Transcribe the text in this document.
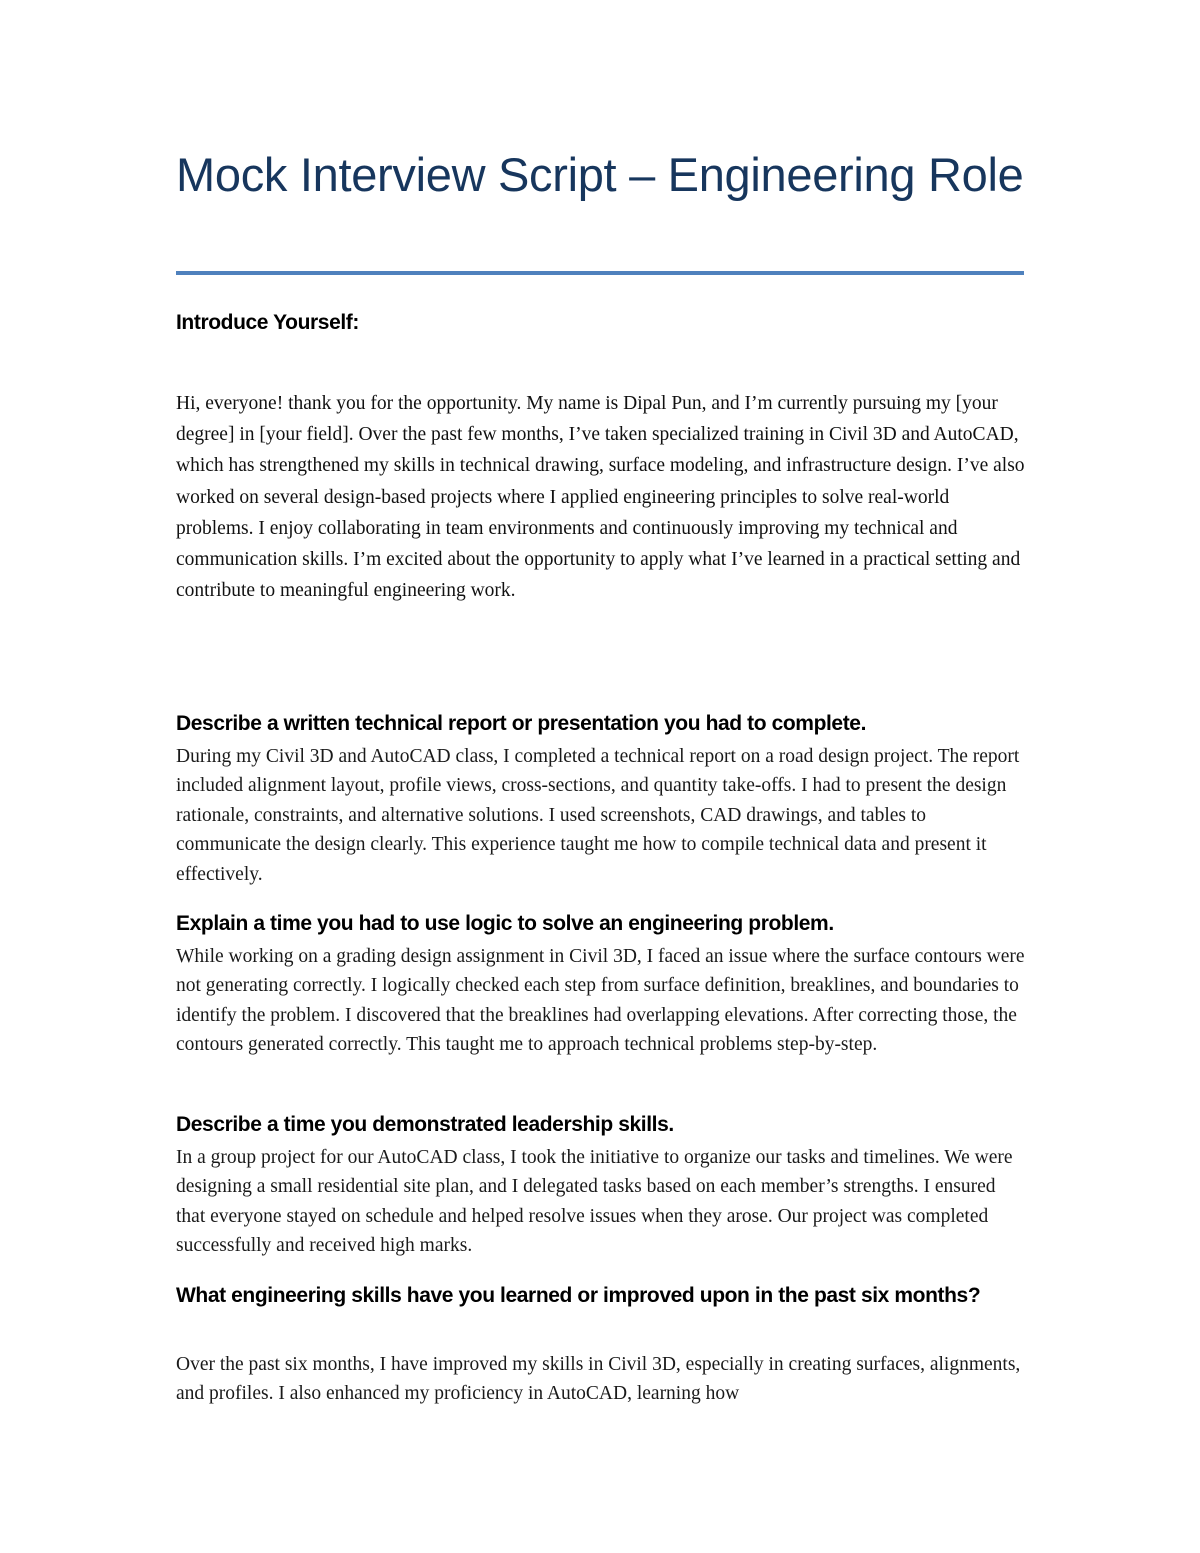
Mock Interview Script – Engineering Role
Introduce Yourself:

Hi, everyone! thank you for the opportunity. My name is Dipal Pun, and I’m currently pursuing my [your degree] in [your field]. Over the past few months, I’ve taken specialized training in Civil 3D and AutoCAD, which has strengthened my skills in technical drawing, surface modeling, and infrastructure design. I’ve also worked on several design-based projects where I applied engineering principles to solve real-world problems. I enjoy collaborating in team environments and continuously improving my technical and communication skills. I’m excited about the opportunity to apply what I’ve learned in a practical setting and contribute to meaningful engineering work.

Describe a written technical report or presentation you had to complete.

During my Civil 3D and AutoCAD class, I completed a technical report on a road design project. The report included alignment layout, profile views, cross-sections, and quantity take-offs. I had to present the design rationale, constraints, and alternative solutions. I used screenshots, CAD drawings, and tables to communicate the design clearly. This experience taught me how to compile technical data and present it effectively.

Explain a time you had to use logic to solve an engineering problem.

While working on a grading design assignment in Civil 3D, I faced an issue where the surface contours were not generating correctly. I logically checked each step from surface definition, breaklines, and boundaries to identify the problem. I discovered that the breaklines had overlapping elevations. After correcting those, the contours generated correctly. This taught me to approach technical problems step-by-step.

Describe a time you demonstrated leadership skills.

In a group project for our AutoCAD class, I took the initiative to organize our tasks and timelines. We were designing a small residential site plan, and I delegated tasks based on each member’s strengths. I ensured that everyone stayed on schedule and helped resolve issues when they arose. Our project was completed successfully and received high marks.

What engineering skills have you learned or improved upon in the past six months?

Over the past six months, I have improved my skills in Civil 3D, especially in creating surfaces, alignments, and profiles. I also enhanced my proficiency in AutoCAD, learning how
